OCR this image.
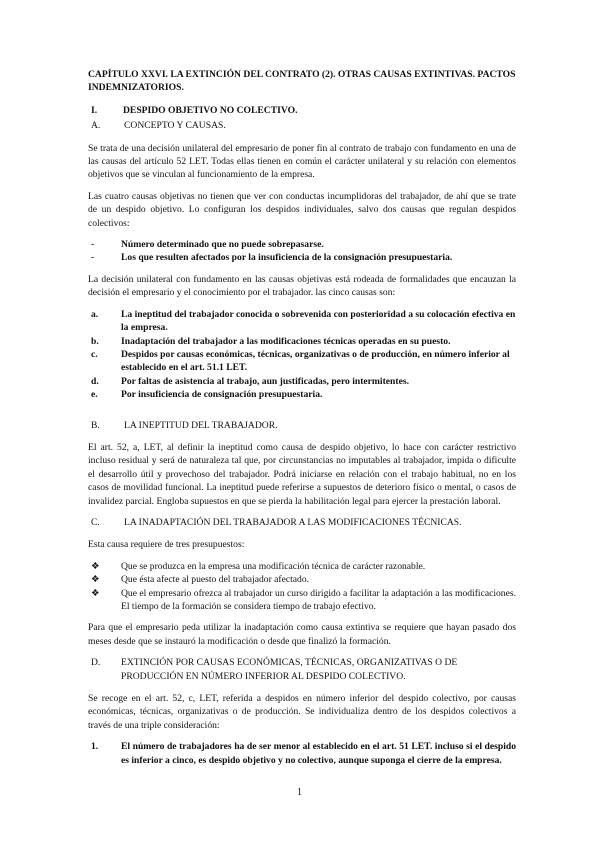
CAPÍTULO XXVI. LA EXTINCIÓN DEL CONTRATO (2). OTRAS CAUSAS EXTINTIVAS. PACTOS INDEMNIZATORIOS.

I.	DESPIDO OBJETIVO NO COLECTIVO.

A. CONCEPTO Y CAUSAS.

Se trata de una decisión unilateral del empresario de poner fin al contrato de trabajo con fundamento en una de las causas del artículo 52 LET. Todas ellas tienen en común el carácter unilateral y su relación con elementos objetivos que se vinculan al funcionamiento de la empresa.

Las cuatro causas objetivas no tienen que ver con conductas incumplidoras del trabajador, de ahí que se trate de un despido objetivo. Lo configuran los despidos individuales, salvo dos causas que regulan despidos colectivos:

-	Número determinado que no puede sobrepasarse.
-	Los que resulten afectados por la insuficiencia de la consignación presupuestaria.

La decisión unilateral con fundamento en las causas objetivas está rodeada de formalidades que encauzan la decisión el empresario y el conocimiento por el trabajador. las cinco causas son:

a. La ineptitud del trabajador conocida o sobrevenida con posterioridad a su colocación efectiva en la empresa.
b. Inadaptación del trabajador a las modificaciones técnicas operadas en su puesto.
c. Despidos por causas económicas, técnicas, organizativas o de producción, en número inferior al establecido en el art. 51.1 LET.
d. Por faltas de asistencia al trabajo, aun justificadas, pero intermitentes.
e. Por insuficiencia de consignación presupuestaria.

B.	LA INEPTITUD DEL TRABAJADOR.

El art. 52, a, LET, al definir la ineptitud como causa de despido objetivo, lo hace con carácter restrictivo incluso residual y será de naturaleza tal que, por circunstancias no imputables al trabajador, impida o dificulte el desarrollo útil y provechoso del trabajador. Podrá iniciarse en relación con el trabajo habitual, no en los casos de movilidad funcional. La ineptitud puede referirse a supuestos de deterioro físico o mental, o casos de invalidez parcial. Engloba supuestos en que se pierda la habilitación legal para ejercer la prestación laboral.

C.	LA INADAPTACIÓN DEL TRABAJADOR A LAS MODIFICACIONES TÉCNICAS.

Esta causa requiere de tres presupuestos:

❖ Que se produzca en la empresa una modificación técnica de carácter razonable.
❖ Que ésta afecte al puesto del trabajador afectado.
❖ Que el empresario ofrezca al trabajador un curso dirigido a facilitar la adaptación a las modificaciones. El tiempo de la formación se considera tiempo de trabajo efectivo.

Para que el empresario peda utilizar la inadaptación como causa extintiva se requiere que hayan pasado dos meses desde que se instauró la modificación o desde que finalizó la formación.

D.	EXTINCIÓN POR CAUSAS ECONÓMICAS, TÉCNICAS, ORGANIZATIVAS O DE PRODUCCIÓN EN NÚMERO INFERIOR AL DESPIDO COLECTIVO.

Se recoge en el art. 52, c, LET, referida a despidos en número inferior del despido colectivo, por causas económicas, técnicas, organizativas o de producción. Se individualiza dentro de los despidos colectivos a través de una triple consideración:

1. El número de trabajadores ha de ser menor al establecido en el art. 51 LET. incluso si el despido es inferior a cinco, es despido objetivo y no colectivo, aunque suponga el cierre de la empresa.
1
